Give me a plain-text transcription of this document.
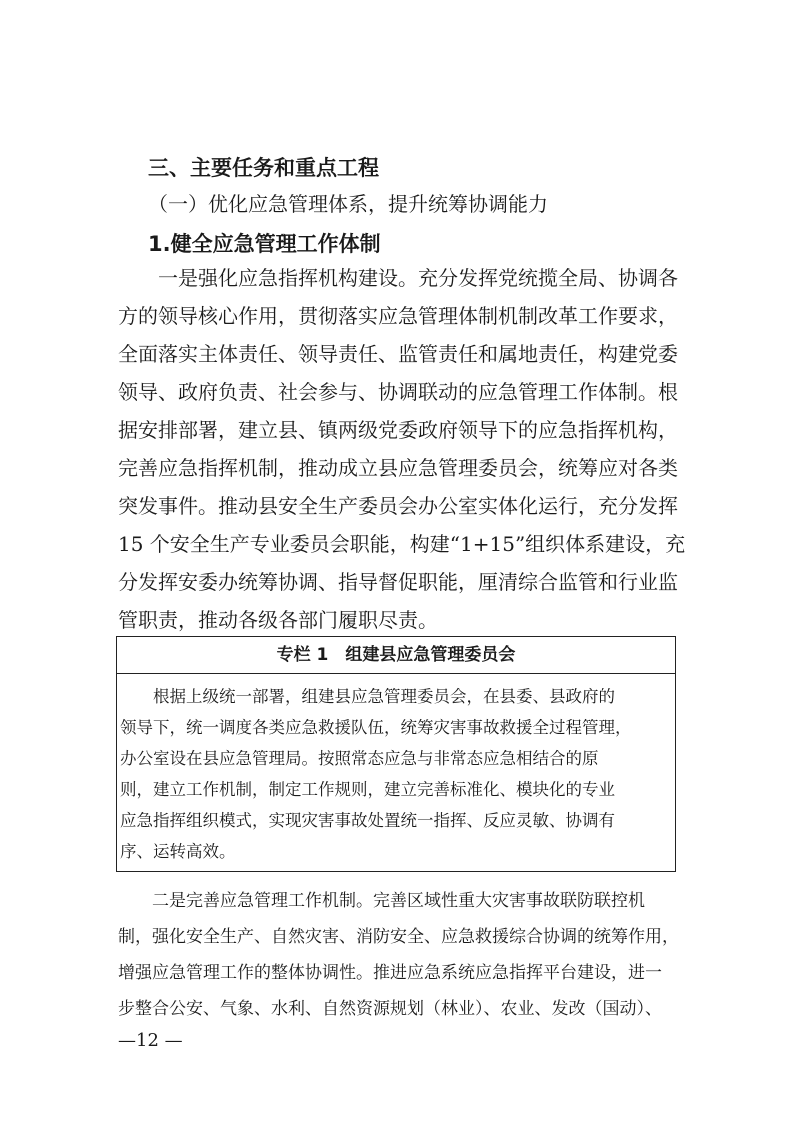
三、主要任务和重点工程
（一）优化应急管理体系，提升统筹协调能力
1.健全应急管理工作体制
　　一是强化应急指挥机构建设。充分发挥党统揽全局、协调各
方的领导核心作用，贯彻落实应急管理体制机制改革工作要求，
全面落实主体责任、领导责任、监管责任和属地责任，构建党委
领导、政府负责、社会参与、协调联动的应急管理工作体制。根
据安排部署，建立县、镇两级党委政府领导下的应急指挥机构，
完善应急指挥机制，推动成立县应急管理委员会，统筹应对各类
突发事件。推动县安全生产委员会办公室实体化运行，充分发挥
15 个安全生产专业委员会职能，构建“1+15”组织体系建设，充
分发挥安委办统筹协调、指导督促职能，厘清综合监管和行业监
管职责，推动各级各部门履职尽责。
专栏 1　组建县应急管理委员会
　　根据上级统一部署，组建县应急管理委员会，在县委、县政府的
领导下，统一调度各类应急救援队伍，统筹灾害事故救援全过程管理，
办公室设在县应急管理局。按照常态应急与非常态应急相结合的原
则，建立工作机制，制定工作规则，建立完善标准化、模块化的专业
应急指挥组织模式，实现灾害事故处置统一指挥、反应灵敏、协调有
序、运转高效。
　　二是完善应急管理工作机制。完善区域性重大灾害事故联防联控机
制，强化安全生产、自然灾害、消防安全、应急救援综合协调的统筹作用，
增强应急管理工作的整体协调性。推进应急系统应急指挥平台建设，进一
步整合公安、气象、水利、自然资源规划（林业）、农业、发改（国动）、
—12 —
